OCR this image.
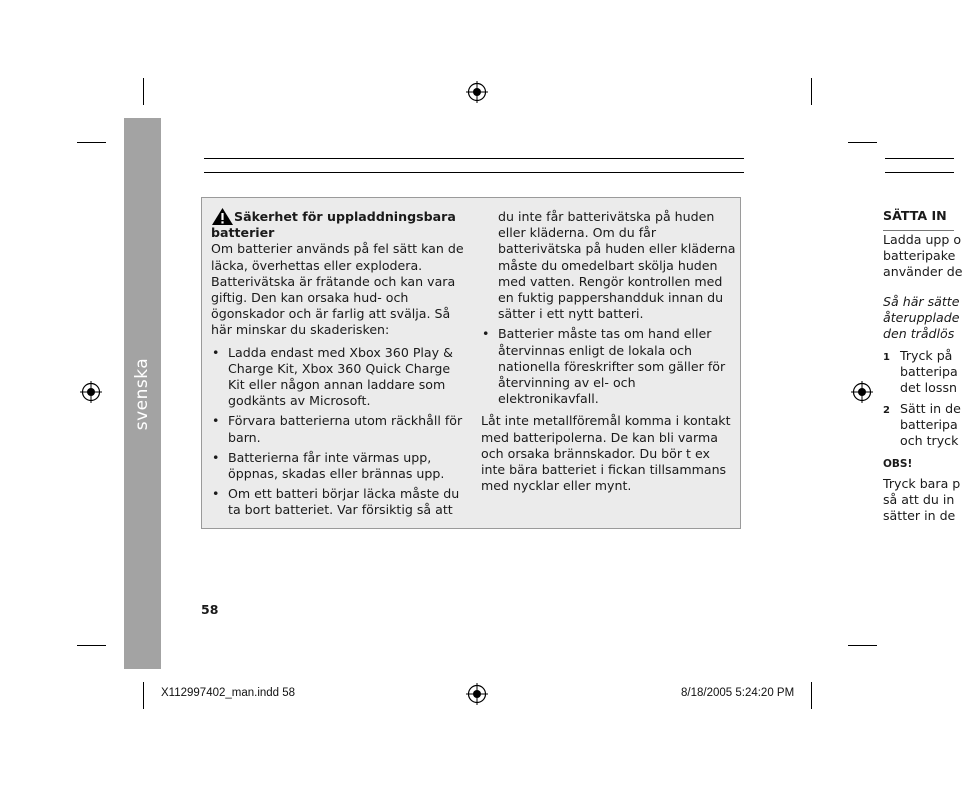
svenska
Säkerhet för uppladdningsbara
batterier

Om batterier används på fel sätt kan de
läcka, överhettas eller explodera.
Batterivätska är frätande och kan vara
giftig. Den kan orsaka hud- och
ögonskador och är farlig att svälja. Så
här minskar du skaderisken:

• Ladda endast med Xbox 360 Play &
Charge Kit, Xbox 360 Quick Charge
Kit eller någon annan laddare som
godkänts av Microsoft.
• Förvara batterierna utom räckhåll för
barn.
• Batterierna får inte värmas upp,
öppnas, skadas eller brännas upp.
• Om ett batteri börjar läcka måste du
ta bort batteriet. Var försiktig så att

du inte får batterivätska på huden
eller kläderna. Om du får
batterivätska på huden eller kläderna
måste du omedelbart skölja huden
med vatten. Rengör kontrollen med
en fuktig pappershandduk innan du
sätter i ett nytt batteri.

• Batterier måste tas om hand eller
återvinnas enligt de lokala och
nationella föreskrifter som gäller för
återvinning av el- och
elektronikavfall.

Låt inte metallföremål komma i kontakt
med batteripolerna. De kan bli varma
och orsaka brännskador. Du bör t ex
inte bära batteriet i fickan tillsammans
med nycklar eller mynt.

SÄTTA IN
Ladda upp o
batteripake
använder de
Så här sätte
återupplade
den trådlös
1 Tryck på
batteripa
det lossn
2 Sätt in de
batteripa
och tryck
OBS!
Tryck bara p
så att du in
sätter in de
58
X112997402_man.indd 58	8/18/2005 5:24:20 PM
